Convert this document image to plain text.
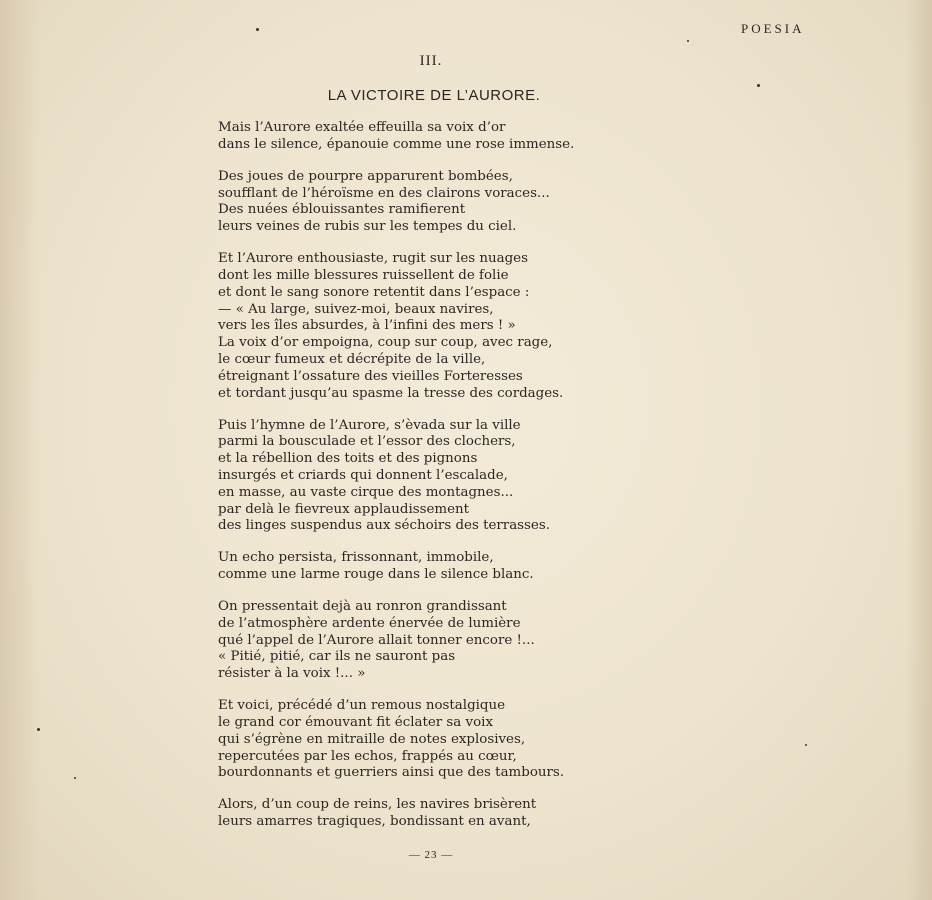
POESIA
III.
LA VICTOIRE DE L’AURORE.
Mais l’Aurore exaltée effeuilla sa voix d’or
dans le silence, épanouie comme une rose immense.
Des joues de pourpre apparurent bombées,
soufflant de l’héroïsme en des clairons voraces...
Des nuées éblouissantes ramifierent
leurs veines de rubis sur les tempes du ciel.
Et l’Aurore enthousiaste, rugit sur les nuages
dont les mille blessures ruissellent de folie
et dont le sang sonore retentit dans l’espace :
— « Au large, suivez-moi, beaux navires,
vers les îles absurdes, à l’infini des mers ! »
La voix d’or empoigna, coup sur coup, avec rage,
le cœur fumeux et décrépite de la ville,
étreignant l’ossature des vieilles Forteresses
et tordant jusqu’au spasme la tresse des cordages.
Puis l’hymne de l’Aurore, s’èvada sur la ville
parmi la bousculade et l’essor des clochers,
et la rébellion des toits et des pignons
insurgés et criards qui donnent l’escalade,
en masse, au vaste cirque des montagnes...
par delà le fievreux applaudissement
des linges suspendus aux séchoirs des terrasses.
Un echo persista, frissonnant, immobile,
comme une larme rouge dans le silence blanc.
On pressentait dejà au ronron grandissant
de l’atmosphère ardente énervée de lumière
qué l’appel de l’Aurore allait tonner encore !...
« Pitié, pitié, car ils ne sauront pas
résister à la voix !... »
Et voici, précédé d’un remous nostalgique
le grand cor émouvant fit éclater sa voix
qui s’égrène en mitraille de notes explosives,
repercutées par les echos, frappés au cœur,
bourdonnants et guerriers ainsi que des tambours.
Alors, d’un coup de reins, les navires brisèrent
leurs amarres tragiques, bondissant en avant,
— 23 —
